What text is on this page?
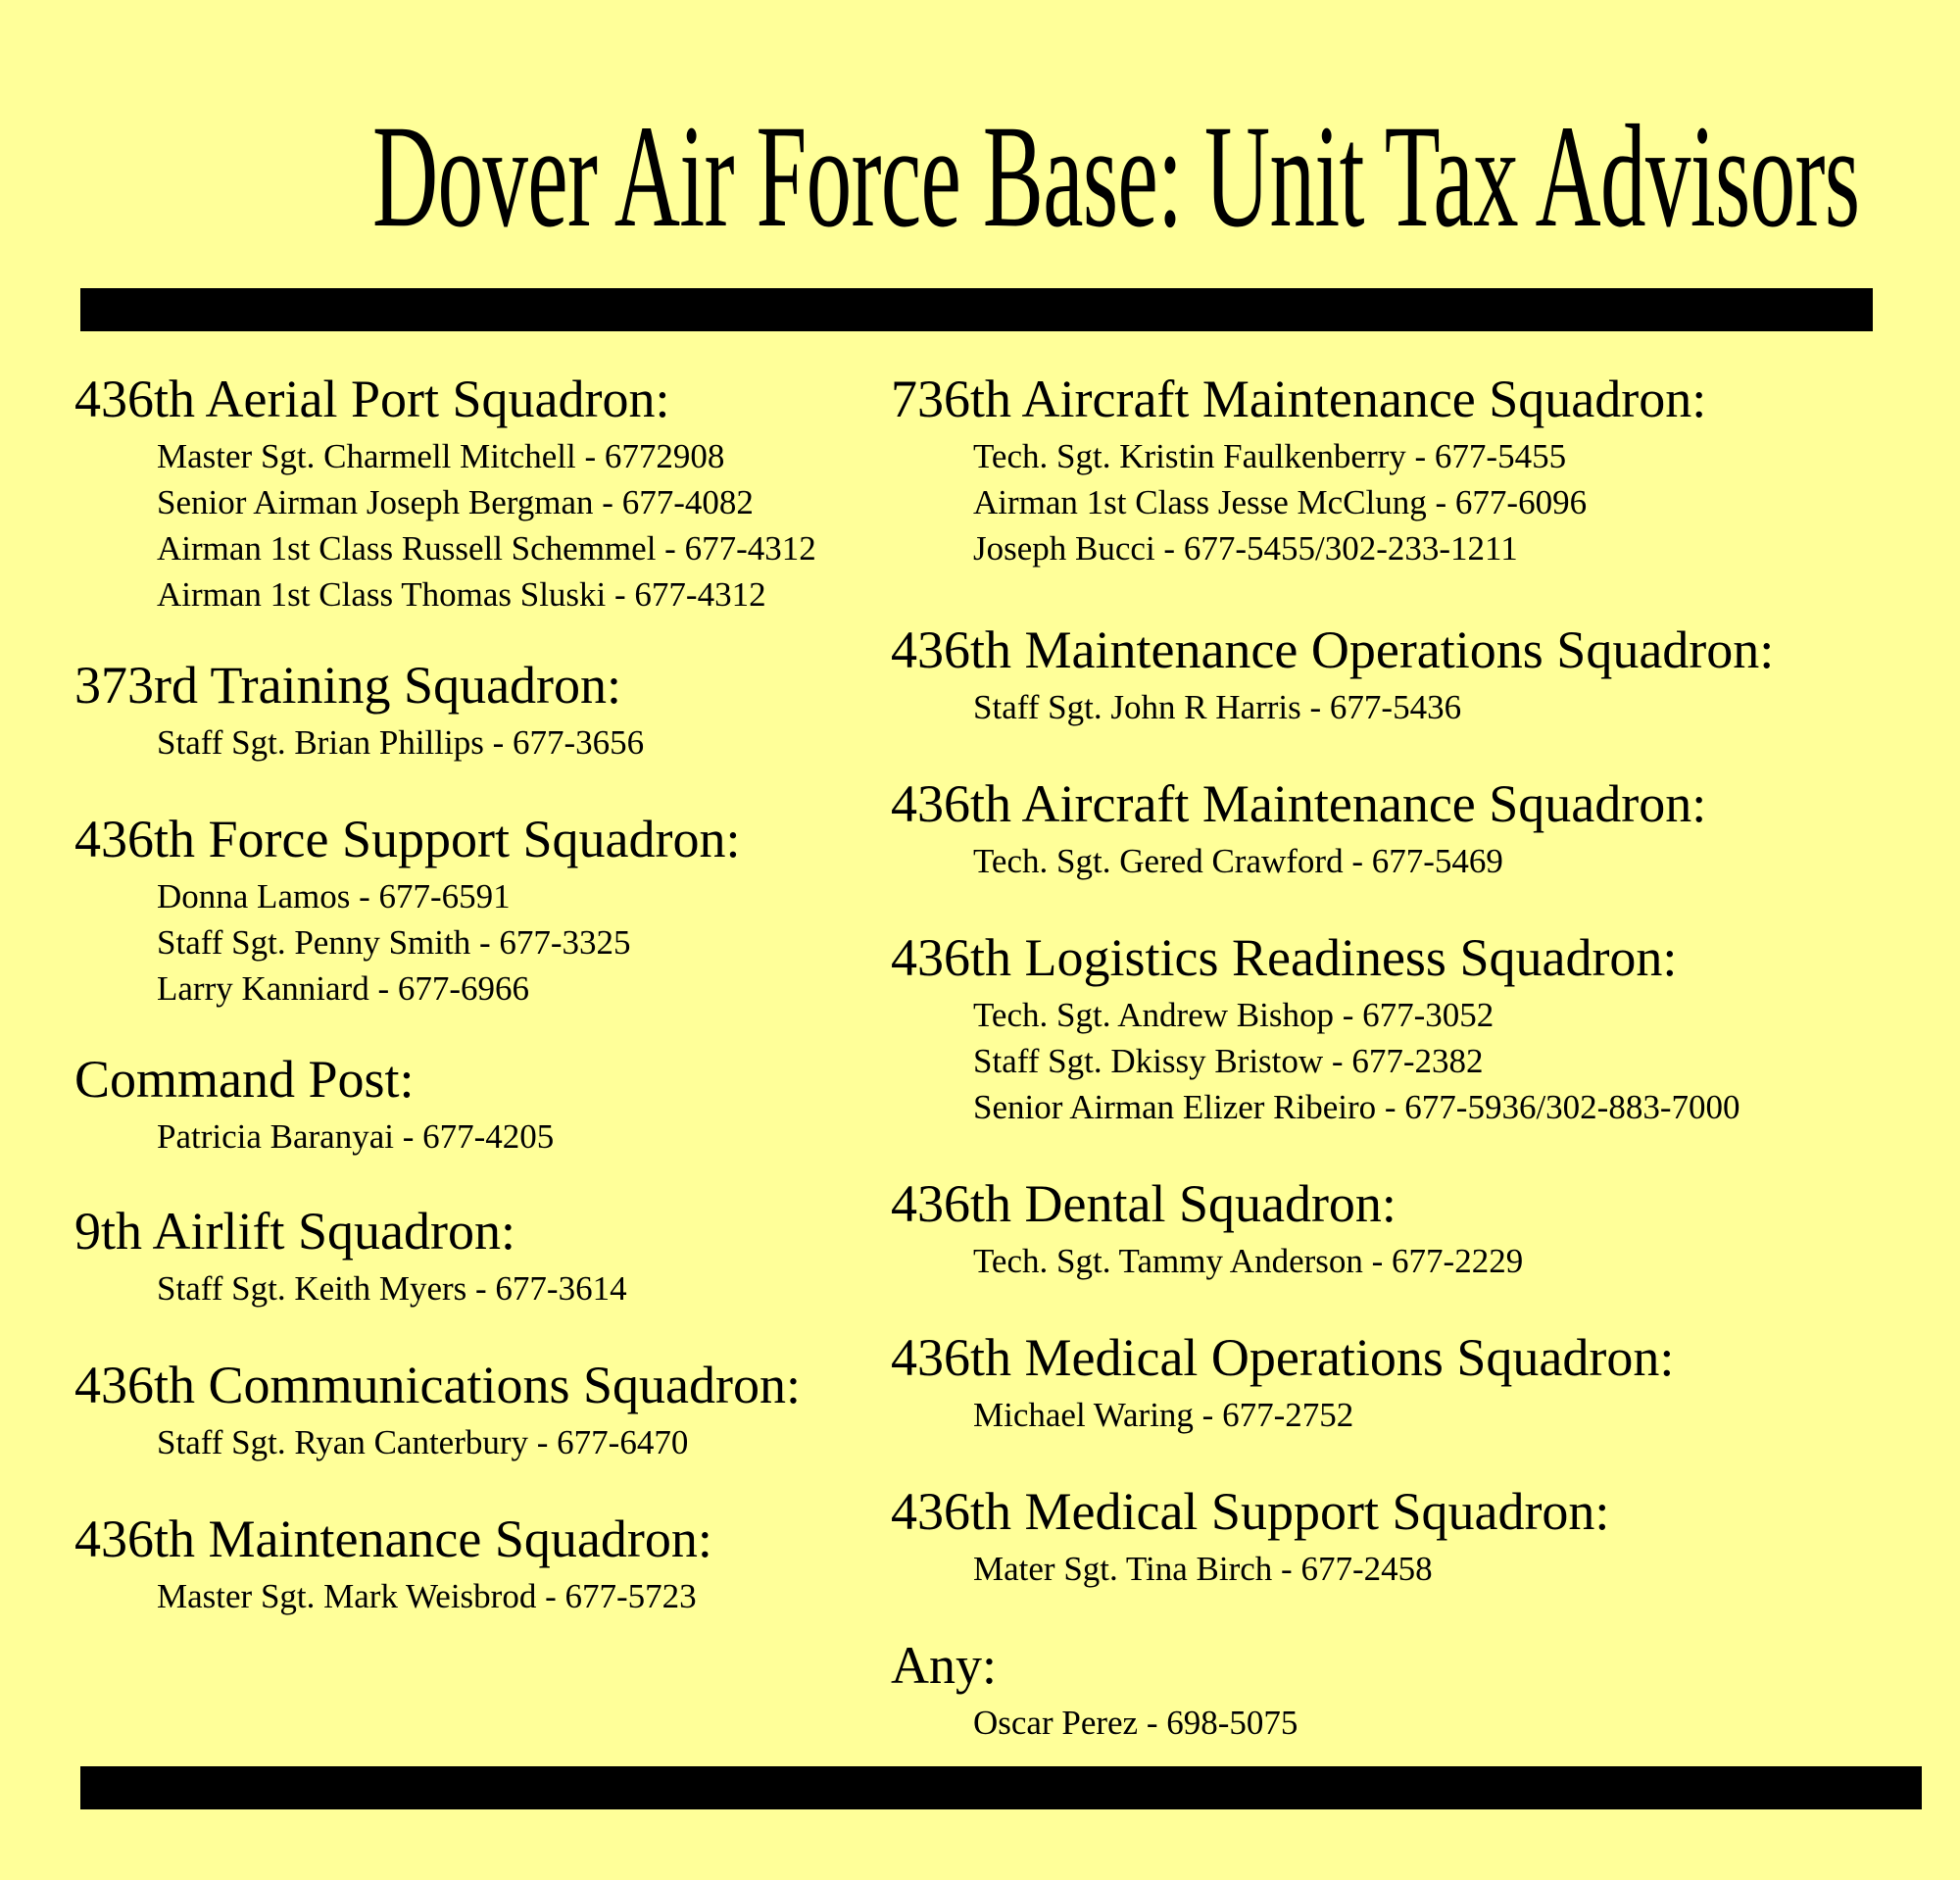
Dover Air Force Base: Unit Tax Advisors
436th Aerial Port Squadron:
Master Sgt. Charmell Mitchell - 6772908
Senior Airman Joseph Bergman - 677-4082
Airman 1st Class Russell Schemmel - 677-4312
Airman 1st Class Thomas Sluski - 677-4312
373rd Training Squadron:
Staff Sgt. Brian Phillips - 677-3656
436th Force Support Squadron:
Donna Lamos - 677-6591
Staff Sgt. Penny Smith - 677-3325
Larry Kanniard - 677-6966
Command Post:
Patricia Baranyai - 677-4205
9th Airlift Squadron:
Staff Sgt. Keith Myers - 677-3614
436th Communications Squadron:
Staff Sgt. Ryan Canterbury - 677-6470
436th Maintenance Squadron:
Master Sgt. Mark Weisbrod - 677-5723
736th Aircraft Maintenance Squadron:
Tech. Sgt. Kristin Faulkenberry - 677-5455
Airman 1st Class Jesse McClung - 677-6096
Joseph Bucci - 677-5455/302-233-1211
436th Maintenance Operations Squadron:
Staff Sgt. John R Harris - 677-5436
436th Aircraft Maintenance Squadron:
Tech. Sgt. Gered Crawford - 677-5469
436th Logistics Readiness Squadron:
Tech. Sgt. Andrew Bishop - 677-3052
Staff Sgt. Dkissy Bristow - 677-2382
Senior Airman Elizer Ribeiro - 677-5936/302-883-7000
436th Dental Squadron:
Tech. Sgt. Tammy Anderson - 677-2229
436th Medical Operations Squadron:
Michael Waring - 677-2752
436th Medical Support Squadron:
Mater Sgt. Tina Birch - 677-2458
Any:
Oscar Perez - 698-5075
